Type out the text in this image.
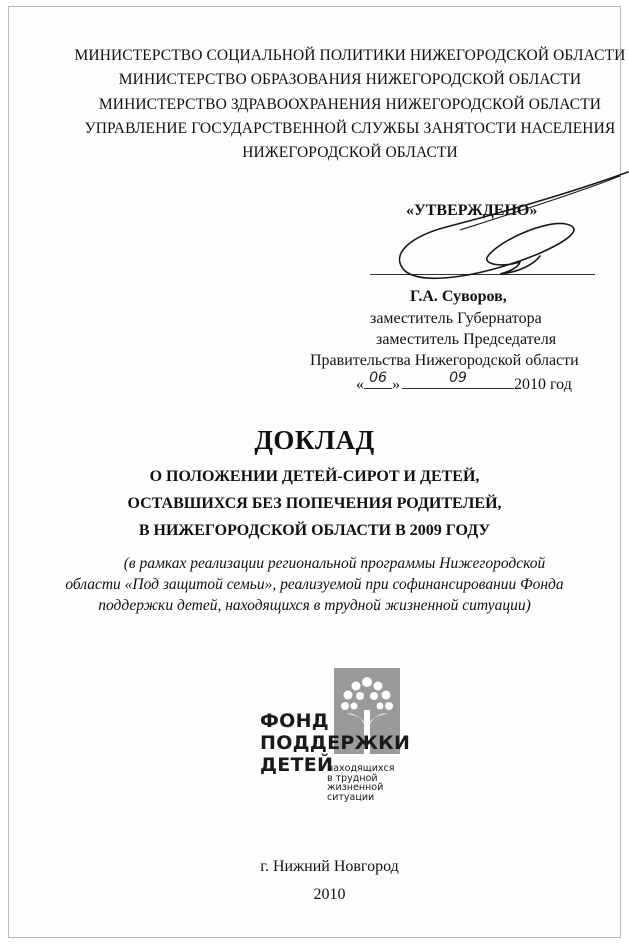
МИНИСТЕРСТВО СОЦИАЛЬНОЙ ПОЛИТИКИ НИЖЕГОРОДСКОЙ ОБЛАСТИ
МИНИСТЕРСТВО ОБРАЗОВАНИЯ НИЖЕГОРОДСКОЙ ОБЛАСТИ
МИНИСТЕРСТВО ЗДРАВООХРАНЕНИЯ НИЖЕГОРОДСКОЙ ОБЛАСТИ
УПРАВЛЕНИЕ ГОСУДАРСТВЕННОЙ СЛУЖБЫ ЗАНЯТОСТИ НАСЕЛЕНИЯ
НИЖЕГОРОДСКОЙ ОБЛАСТИ
«УТВЕРЖДЕНО»
Г.А. Суворов,
заместитель Губернатора
заместитель Председателя
Правительства Нижегородской области
« 06 »	09	2010 год
ДОКЛАД
О ПОЛОЖЕНИИ ДЕТЕЙ-СИРОТ И ДЕТЕЙ,
ОСТАВШИХСЯ БЕЗ ПОПЕЧЕНИЯ РОДИТЕЛЕЙ,
В НИЖЕГОРОДСКОЙ ОБЛАСТИ В 2009 ГОДУ
(в рамках реализации региональной программы Нижегородской
области «Под защитой семьи», реализуемой при софинансировании Фонда
поддержки детей, находящихся в трудной жизненной ситуации)
ФОНД
ПОДДЕРЖКИ
ДЕТЕЙ
находящихся
в трудной
жизненной
ситуации
г. Нижний Новгород
2010
